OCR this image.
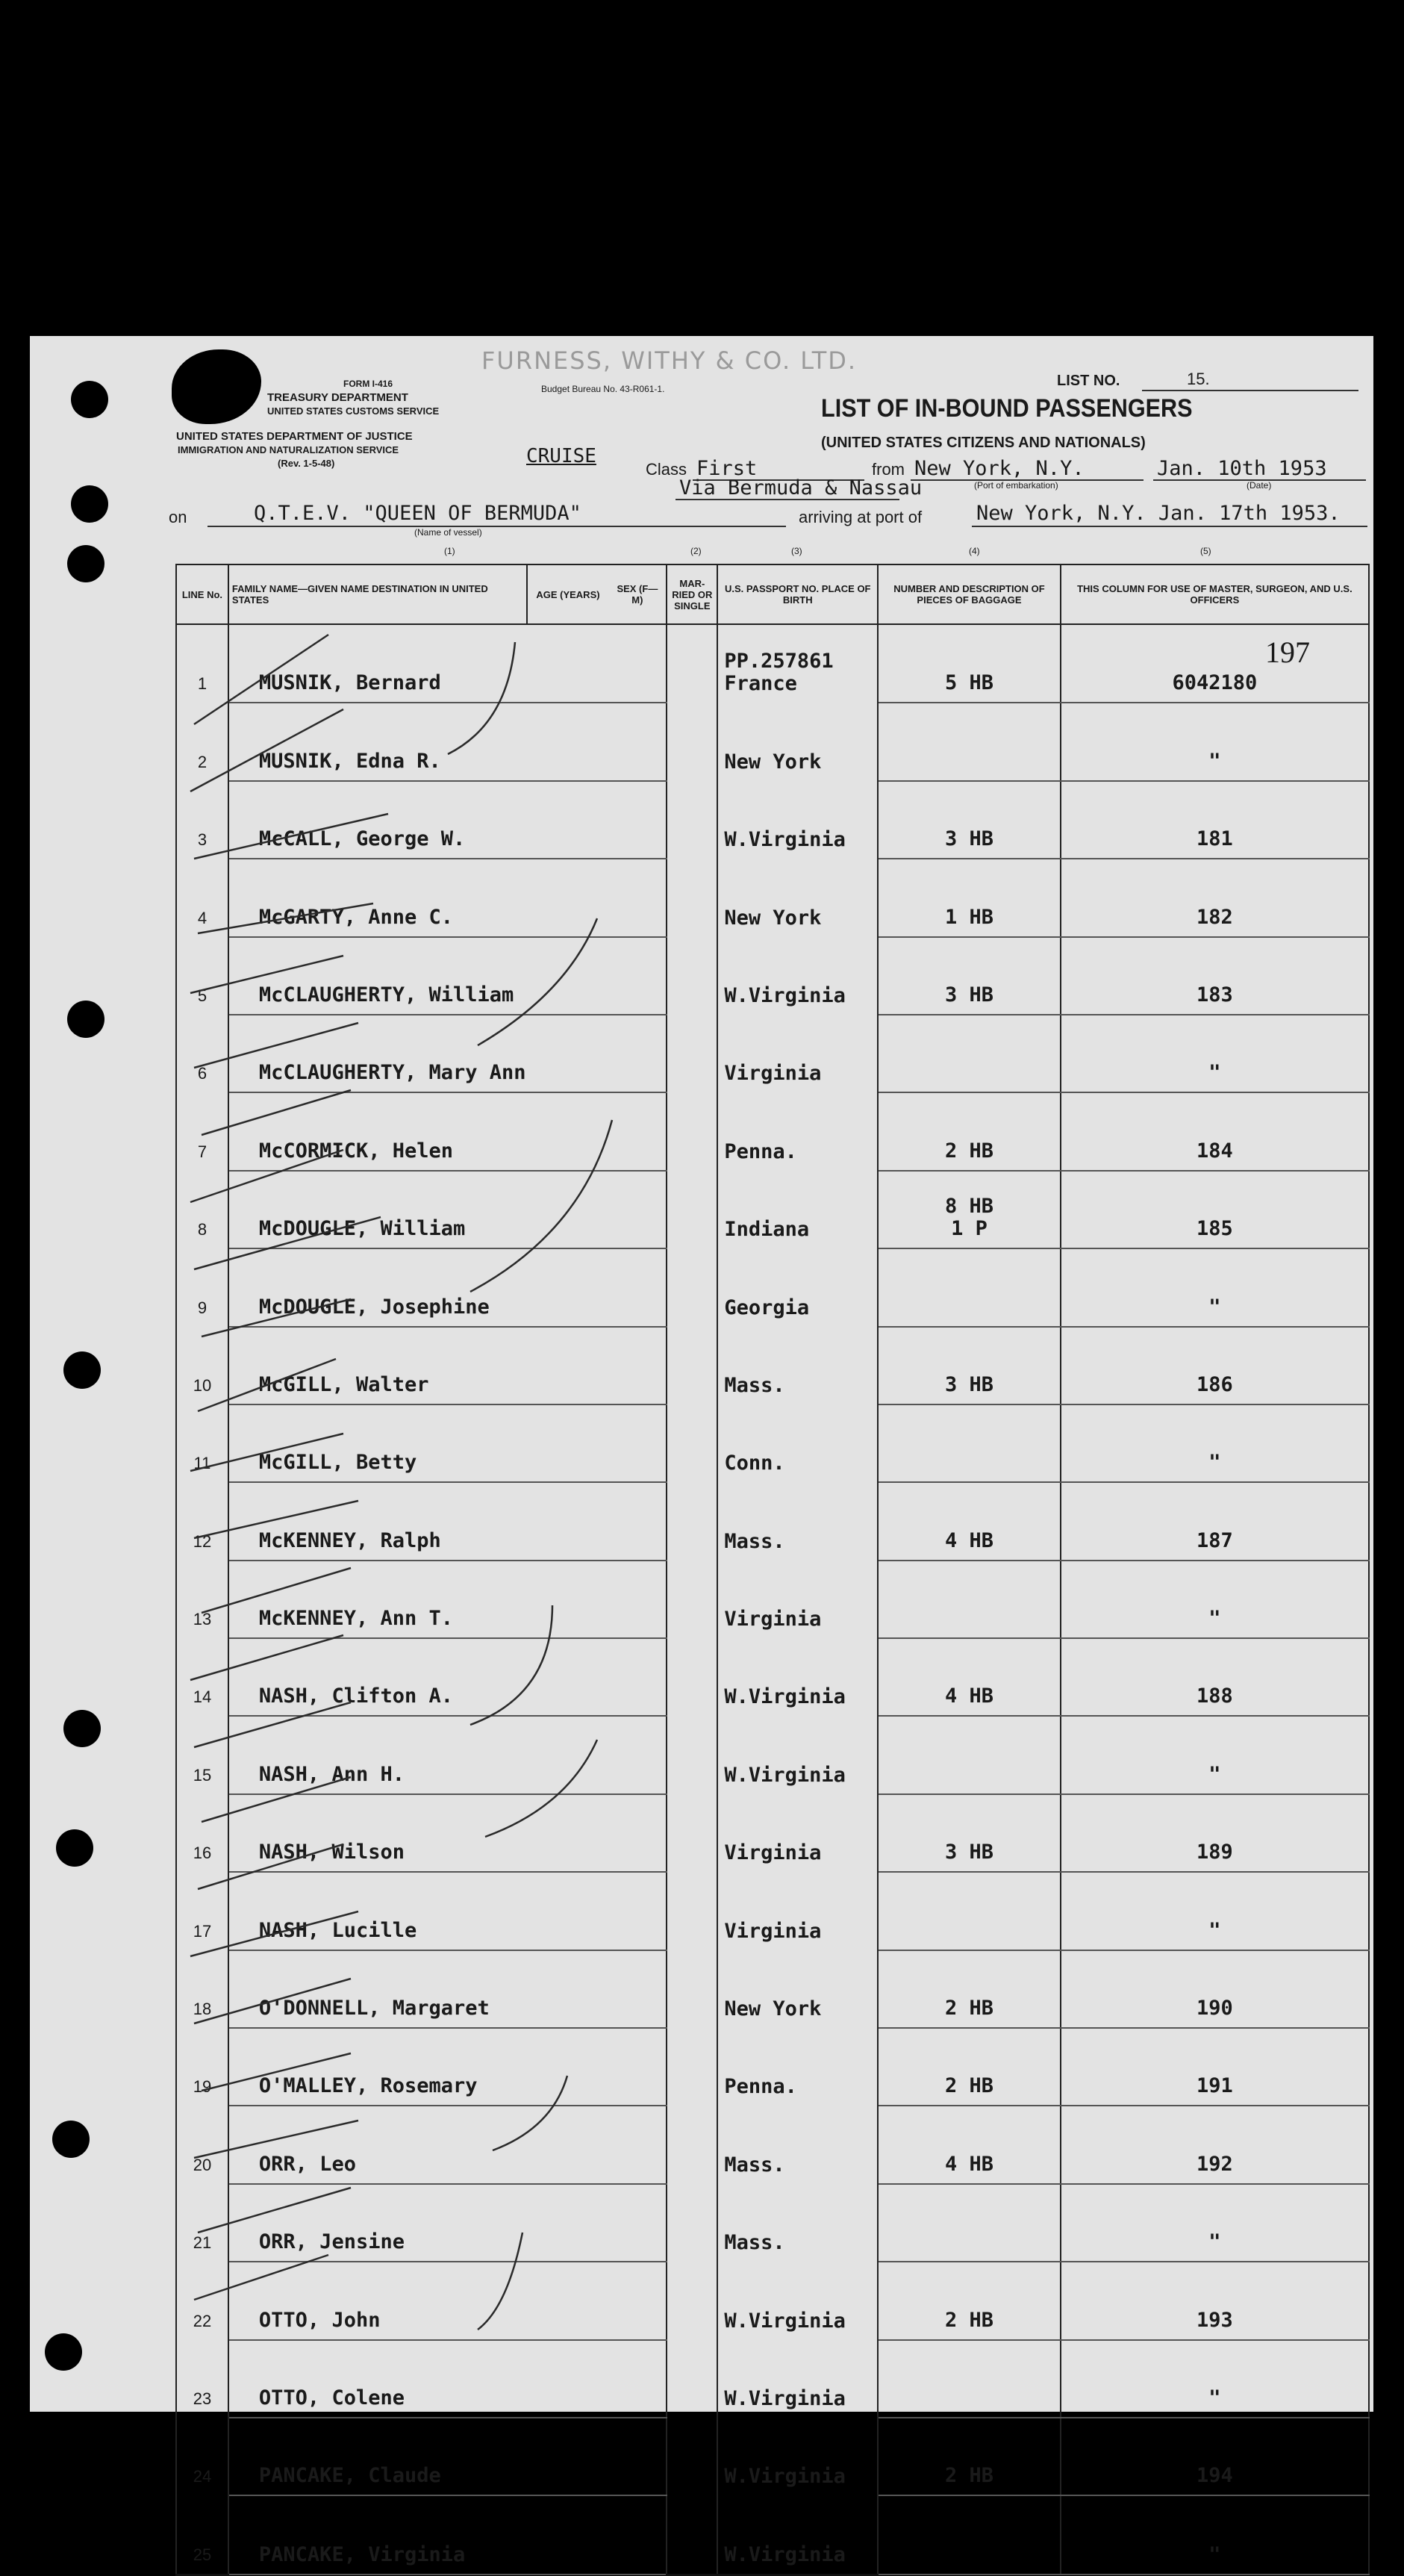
FURNESS, WITHY & CO. LTD.
Budget Bureau No. 43-R061-1.
FORM I-416
TREASURY DEPARTMENT
UNITED STATES CUSTOMS SERVICE
UNITED STATES DEPARTMENT OF JUSTICE
IMMIGRATION AND NATURALIZATION SERVICE
(Rev. 1-5-48)
LIST NO.	15.
LIST OF IN-BOUND PASSENGERS
(UNITED STATES CITIZENS AND NATIONALS)
CRUISE
Class First	from New York, N.Y.	Jan. 10th 1953
(Port of embarkation)	(Date)
Via Bermuda & Nassau
on	Q.T.E.V. "QUEEN OF BERMUDA"
(Name of vessel)
arriving at port of	New York, N.Y. Jan. 17th 1953.
(1)	(2)	(3)	(4)	(5)
197
LINE No.	FAMILY NAME—GIVEN NAME DESTINATION IN UNITED STATES	AGE (YEARS)	SEX (F—M)	MAR-RIED OR SINGLE	U.S. PASSPORT NO. PLACE OF BIRTH	NUMBER AND DESCRIPTION OF PIECES OF BAGGAGE	THIS COLUMN FOR USE OF MASTER, SURGEON, AND U.S. OFFICERS
1	MUSNIK, Bernard				PP.257861
France	5 HB	6042180

2	MUSNIK, Edna R.				New York		"

3	McCALL, George W.				W.Virginia	3 HB	181

4	McGARTY, Anne C.				New York	1 HB	182

5	McCLAUGHERTY, William				W.Virginia	3 HB	183

6	McCLAUGHERTY, Mary Ann				Virginia		"

7	McCORMICK, Helen				Penna.	2 HB	184

8	McDOUGLE, William				Indiana	8 HB
1 P	185

9	McDOUGLE, Josephine				Georgia		"

10	McGILL, Walter				Mass.	3 HB	186

11	McGILL, Betty				Conn.		"

12	McKENNEY, Ralph				Mass.	4 HB	187

13	McKENNEY, Ann T.				Virginia		"

14	NASH, Clifton A.				W.Virginia	4 HB	188

15	NASH, Ann H.				W.Virginia		"

16	NASH, Wilson				Virginia	3 HB	189

17	NASH, Lucille				Virginia		"

18	O'DONNELL, Margaret				New York	2 HB	190

19	O'MALLEY, Rosemary				Penna.	2 HB	191

20	ORR, Leo				Mass.	4 HB	192

21	ORR, Jensine				Mass.		"

22	OTTO, John				W.Virginia	2 HB	193

23	OTTO, Colene				W.Virginia		"

24	PANCAKE, Claude				W.Virginia	2 HB	194

25	PANCAKE, Virginia				W.Virginia		"
